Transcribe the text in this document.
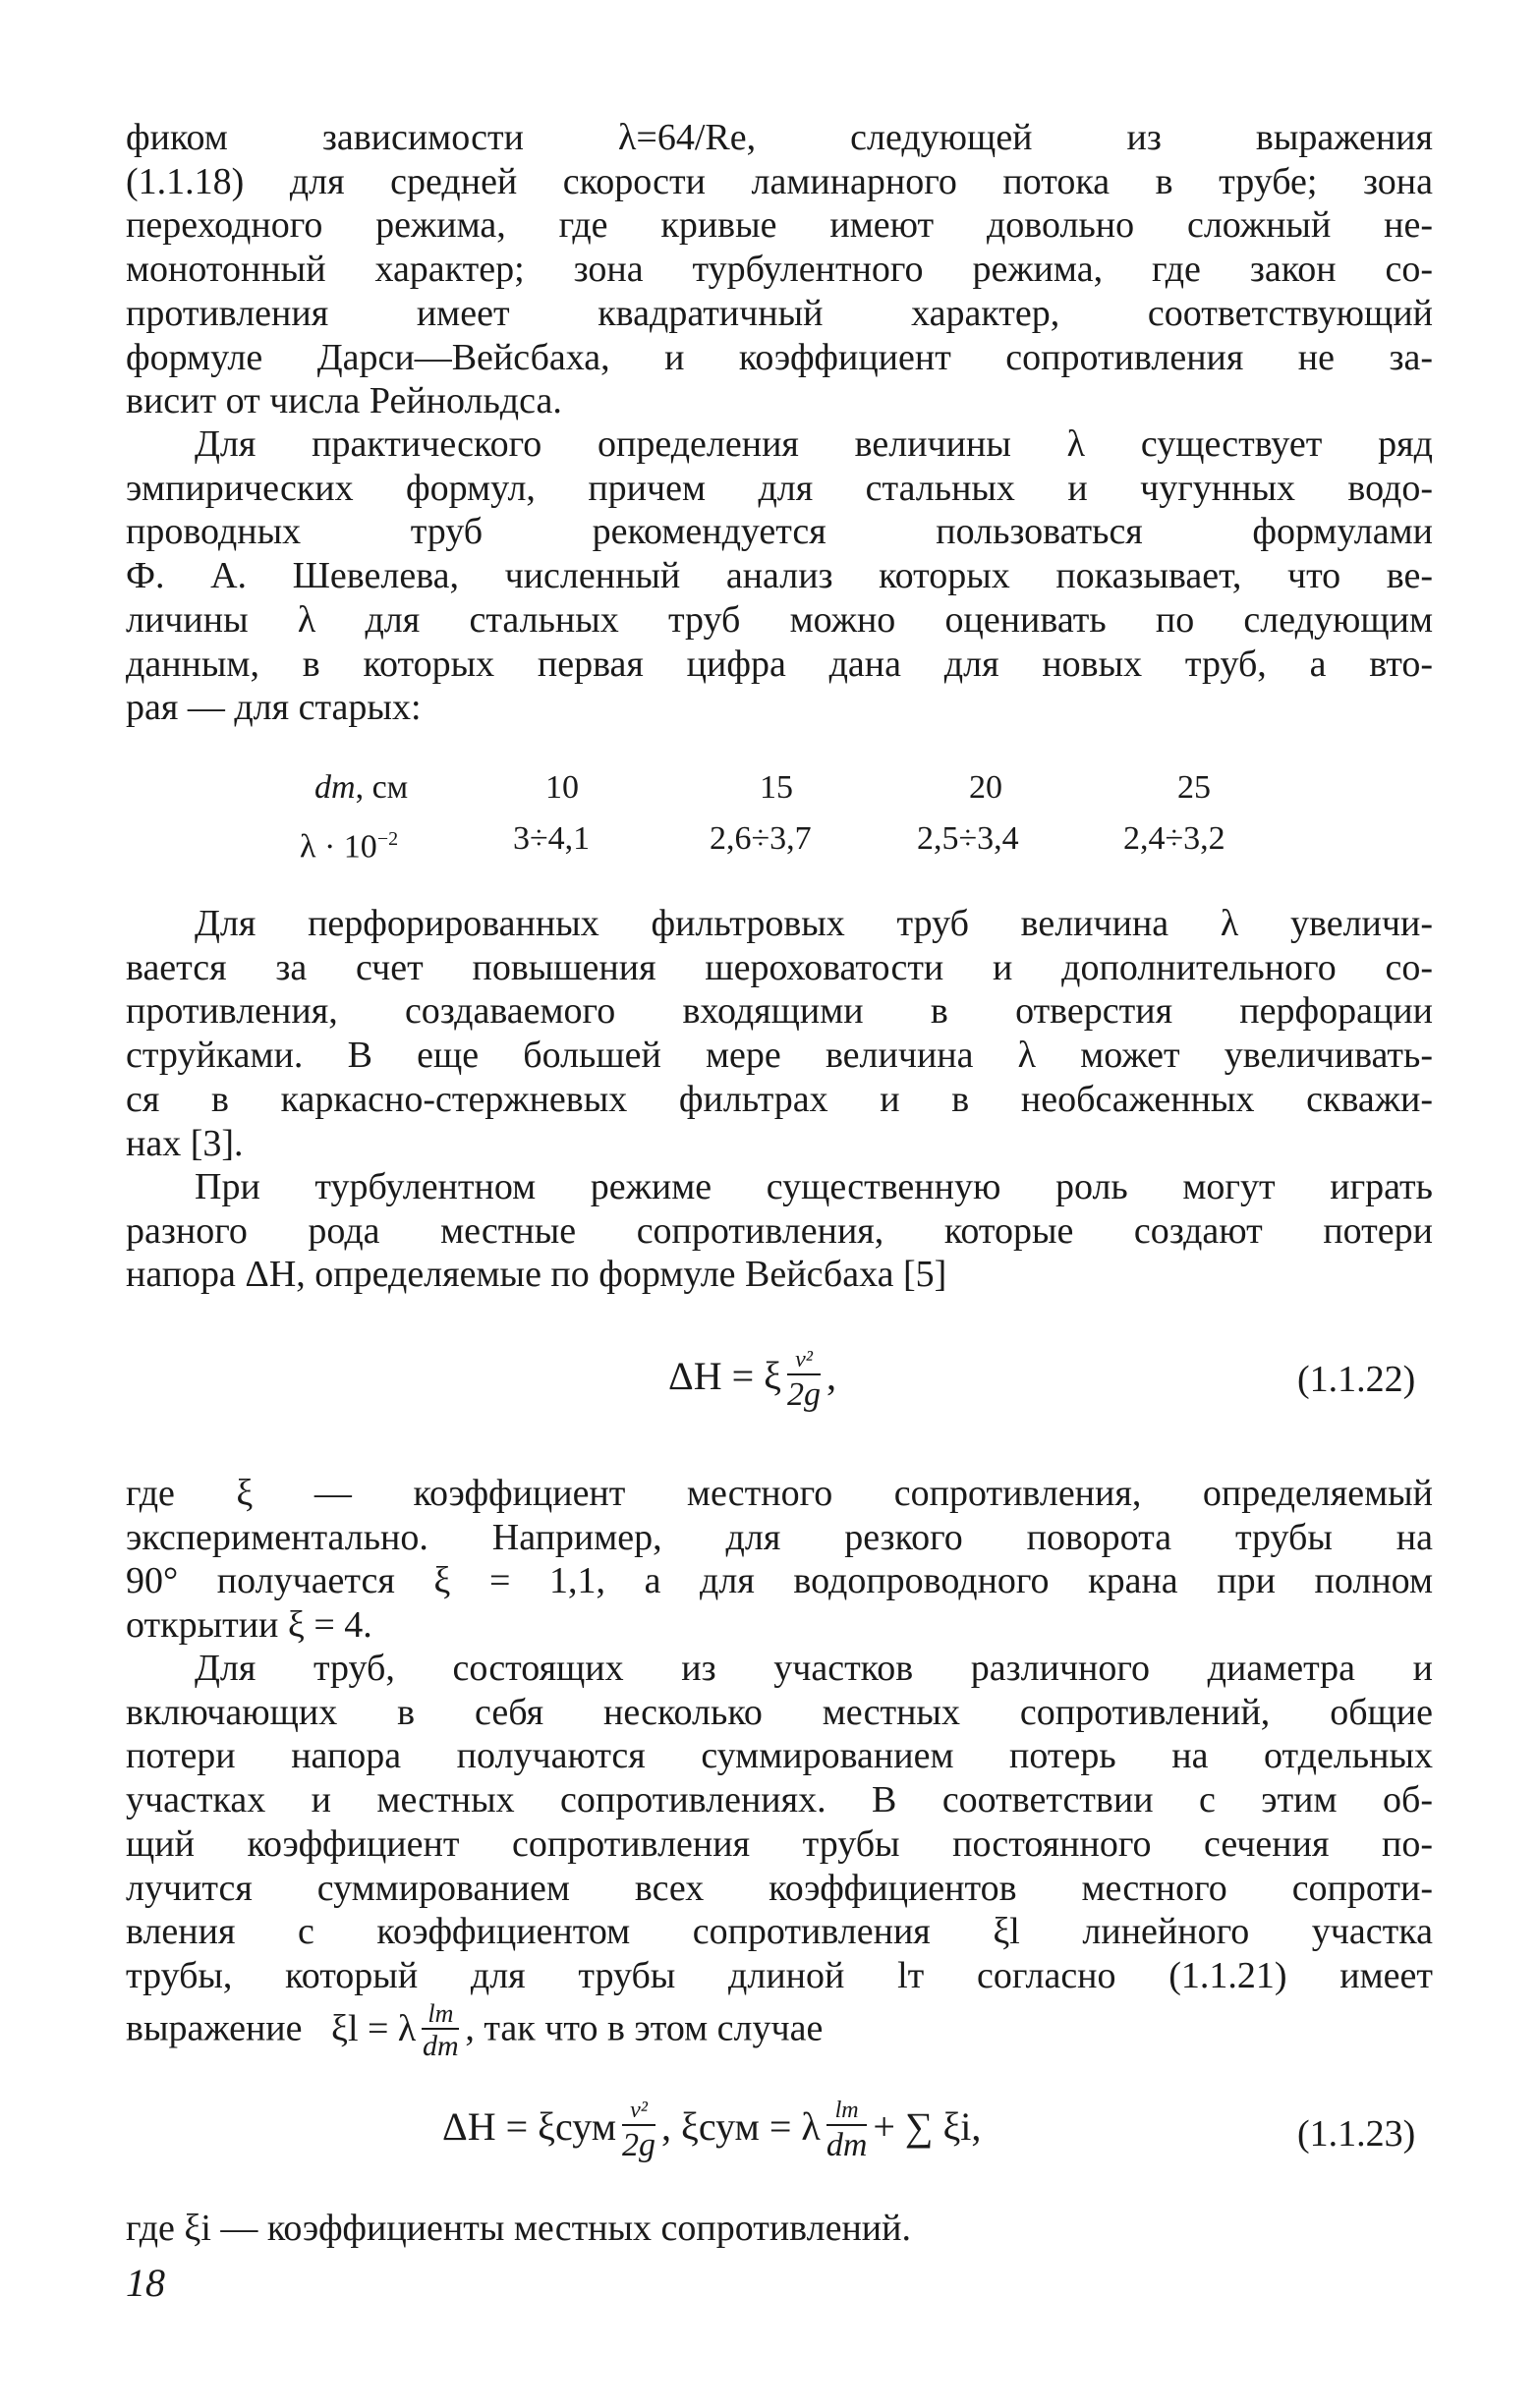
фиком зависимости λ=64/Re, следующей из выражения
(1.1.18) для средней скорости ламинарного потока в трубе; зона
переходного режима, где кривые имеют довольно сложный не-
монотонный характер; зона турбулентного режима, где закон со-
противления имеет квадратичный характер, соответствующий
формуле Дарси—Вейсбаха, и коэффициент сопротивления не за-
висит от числа Рейнольдса.
Для практического определения величины λ существует ряд
эмпирических формул, причем для стальных и чугунных водо-
проводных труб рекомендуется пользоваться формулами
Ф. А. Шевелева, численный анализ которых показывает, что ве-
личины λ для стальных труб можно оценивать по следующим
данным, в которых первая цифра дана для новых труб, а вто-
рая — для старых:
dт, см	10	15	20	25
$\lambda \cdot 10^{-2}$	3÷4,1	2,6÷3,7	2,5÷3,4	2,4÷3,2
Для перфорированных фильтровых труб величина λ увеличи-
вается за счет повышения шероховатости и дополнительного со-
противления, создаваемого входящими в отверстия перфорации
струйками. В еще большей мере величина λ может увеличивать-
ся в каркасно-стержневых фильтрах и в необсаженных скважи-
нах [3].
При турбулентном режиме существенную роль могут играть
разного рода местные сопротивления, которые создают потери
напора ΔH, определяемые по формуле Вейсбаха [5]
ΔH = ξ $\frac{\text{v²}}{2g}$ ,	(1.1.22)
где ξ — коэффициент местного сопротивления, определяемый
экспериментально. Например, для резкого поворота трубы на
90° получается ξ = 1,1, а для водопроводного крана при полном
открытии ξ = 4.
Для труб, состоящих из участков различного диаметра и
включающих в себя несколько местных сопротивлений, общие
потери напора получаются суммированием потерь на отдельных
участках и местных сопротивлениях. В соответствии с этим об-
щий коэффициент сопротивления трубы постоянного сечения по-
лучится суммированием всех коэффициентов местного сопроти-
вления с коэффициентом сопротивления ξl линейного участка
трубы, который для трубы длиной lт согласно (1.1.21) имеет
выражение ξl = λ $\frac{lт}{dт}$ , так что в этом случае
ΔH = ξсум $\frac{\text{v²}}{2g}$ , ξсум = λ $\frac{lт}{dт}$ + ∑ ξi,	(1.1.23)
где ξi — коэффициенты местных сопротивлений.
18
